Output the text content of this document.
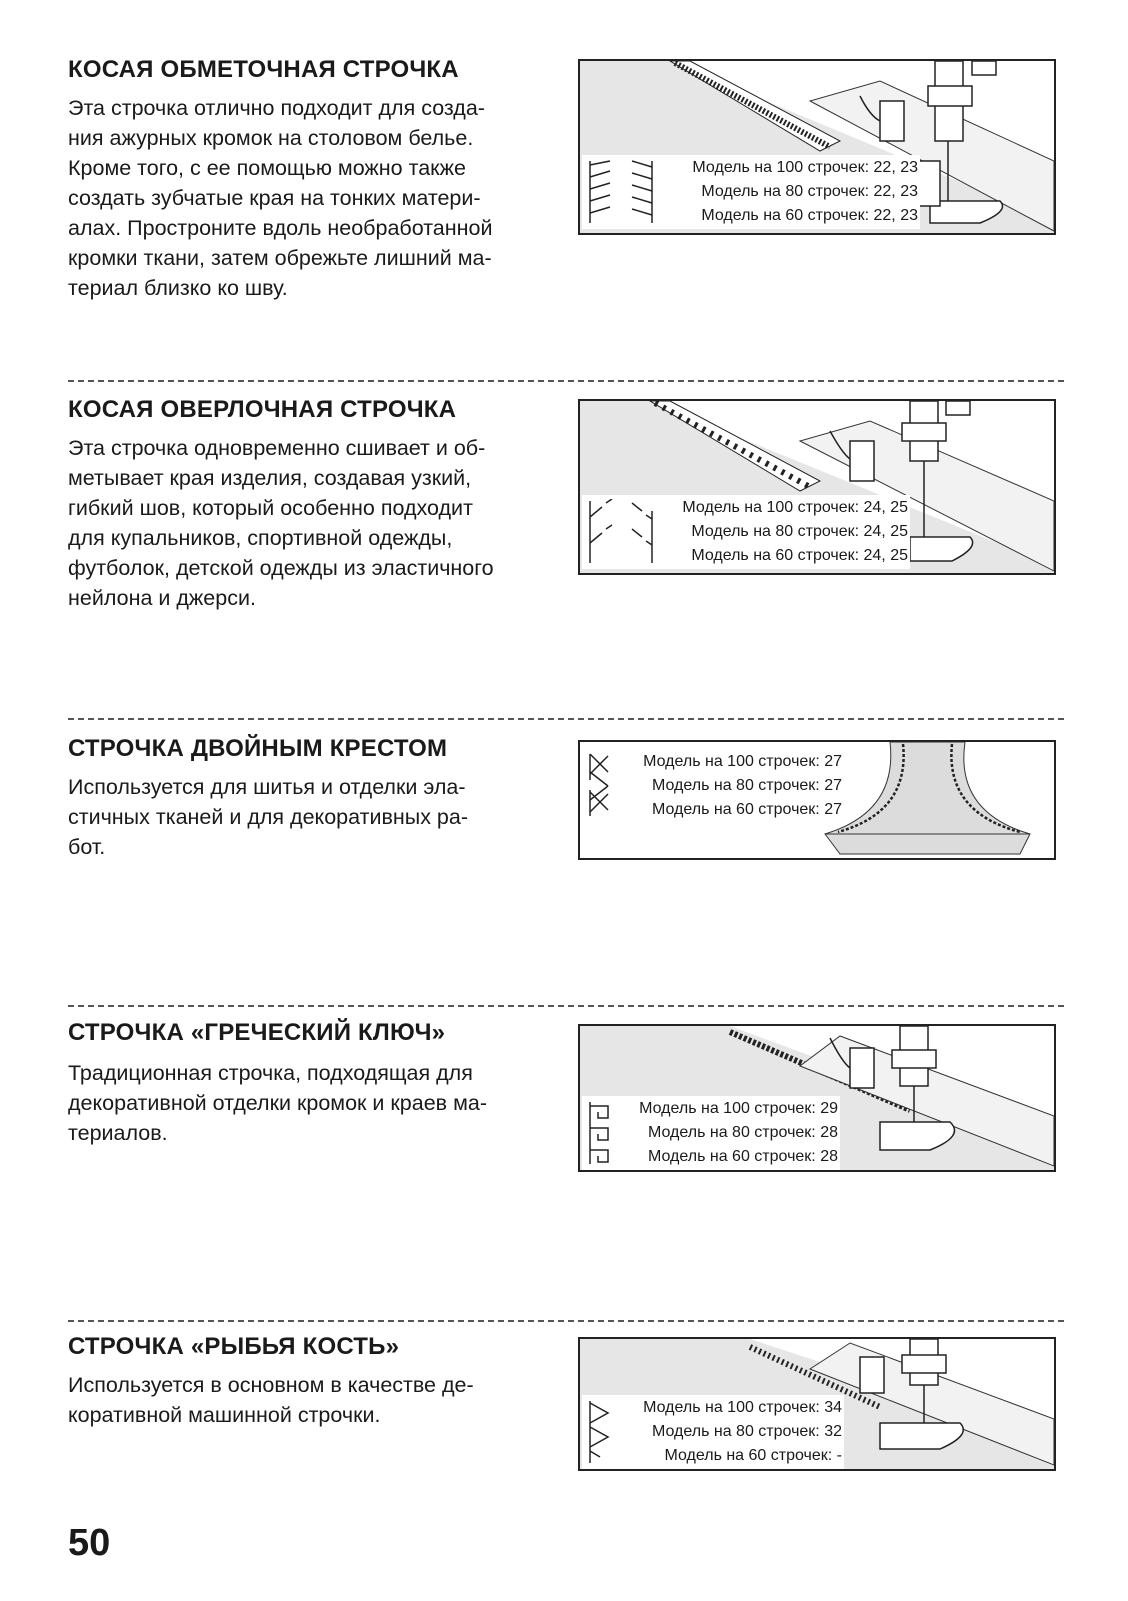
КОСАЯ ОБМЕТОЧНАЯ СТРОЧКА

Эта строчка отлично подходит для созда-
ния ажурных кромок на столовом белье.
Кроме того, с ее помощью можно также
создать зубчатые края на тонких матери-
алах. Простроните вдоль необработанной
кромки ткани, затем обрежьте лишний ма-
териал близко ко шву.

Модель на 100 строчек: 22, 23
Модель на 80 строчек: 22, 23
Модель на 60 строчек: 22, 23
КОСАЯ ОВЕРЛОЧНАЯ СТРОЧКА

Эта строчка одновременно сшивает и об-
метывает края изделия, создавая узкий,
гибкий шов, который особенно подходит
для купальников, спортивной одежды,
футболок, детской одежды из эластичного
нейлона и джерси.

Модель на 100 строчек: 24, 25
Модель на 80 строчек: 24, 25
Модель на 60 строчек: 24, 25
СТРОЧКА ДВОЙНЫМ КРЕСТОМ

Используется для шитья и отделки эла-
стичных тканей и для декоративных ра-
бот.

Модель на 100 строчек: 27
Модель на 80 строчек: 27
Модель на 60 строчек: 27
СТРОЧКА «ГРЕЧЕСКИЙ КЛЮЧ»

Традиционная строчка, подходящая для
декоративной отделки кромок и краев ма-
териалов.

Модель на 100 строчек: 29
Модель на 80 строчек: 28
Модель на 60 строчек: 28
СТРОЧКА «РЫБЬЯ КОСТЬ»

Используется в основном в качестве де-
коративной машинной строчки.	Модель на 100 строчек: 34
Модель на 80 строчек: 32
Модель на 60 строчек: -
50
